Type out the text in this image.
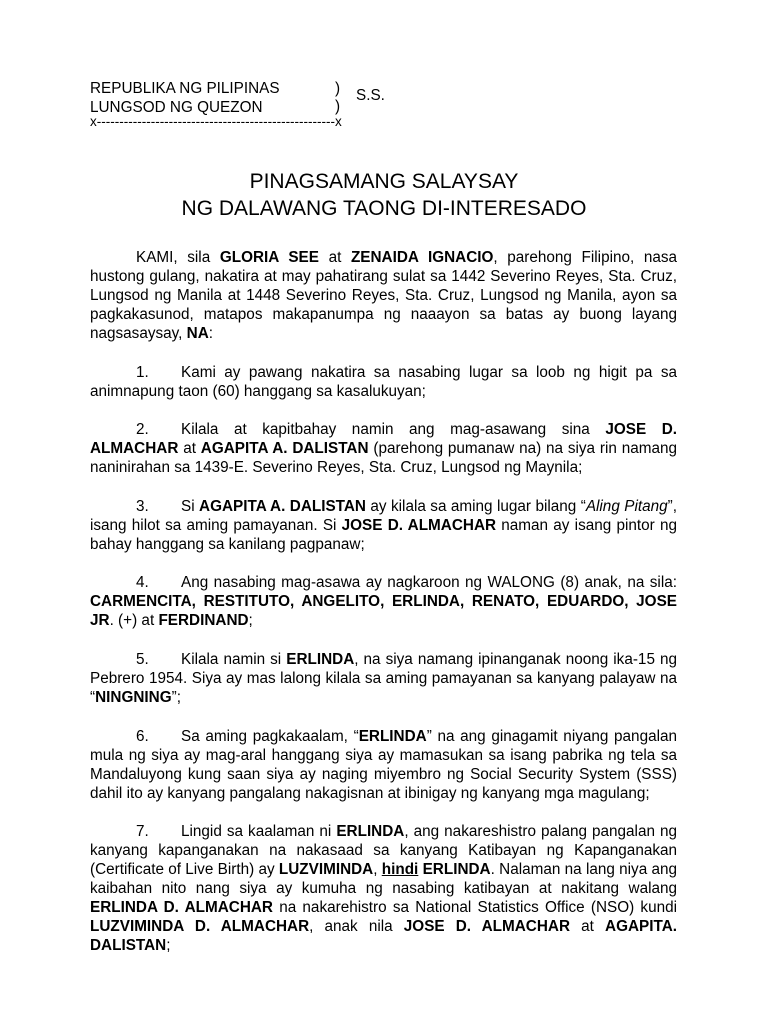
REPUBLIKA NG PILIPINAS
LUNGSOD NG QUEZON
)
)
S.S.
x-----------------------------------------------------x
PINAGSAMANG SALAYSAY
NG DALAWANG TAONG DI-INTERESADO

KAMI, sila GLORIA SEE at ZENAIDA IGNACIO, parehong Filipino, nasa hustong gulang, nakatira at may pahatirang sulat sa 1442 Severino Reyes, Sta. Cruz, Lungsod ng Manila at 1448 Severino Reyes, Sta. Cruz, Lungsod ng Manila, ayon sa pagkakasunod, matapos makapanumpa ng naaayon sa batas ay buong layang nagsasaysay, NA:

1. Kami ay pawang nakatira sa nasabing lugar sa loob ng higit pa sa animnapung taon (60) hanggang sa kasalukuyan;

2. Kilala at kapitbahay namin ang mag-asawang sina JOSE D. ALMACHAR at AGAPITA A. DALISTAN (parehong pumanaw na) na siya rin namang naninirahan sa 1439-E. Severino Reyes, Sta. Cruz, Lungsod ng Maynila;

3. Si AGAPITA A. DALISTAN ay kilala sa aming lugar bilang “Aling Pitang”, isang hilot sa aming pamayanan. Si JOSE D. ALMACHAR naman ay isang pintor ng bahay hanggang sa kanilang pagpanaw;

4. Ang nasabing mag-asawa ay nagkaroon ng WALONG (8) anak, na sila: CARMENCITA, RESTITUTO, ANGELITO, ERLINDA, RENATO, EDUARDO, JOSE JR. (+) at FERDINAND;

5. Kilala namin si ERLINDA, na siya namang ipinanganak noong ika-15 ng Pebrero 1954. Siya ay mas lalong kilala sa aming pamayanan sa kanyang palayaw na “NINGNING”;

6. Sa aming pagkakaalam, “ERLINDA” na ang ginagamit niyang pangalan mula ng siya ay mag-aral hanggang siya ay mamasukan sa isang pabrika ng tela sa Mandaluyong kung saan siya ay naging miyembro ng Social Security System (SSS) dahil ito ay kanyang pangalang nakagisnan at ibinigay ng kanyang mga magulang;

7. Lingid sa kaalaman ni ERLINDA, ang nakareshistro palang pangalan ng kanyang kapanganakan na nakasaad sa kanyang Katibayan ng Kapanganakan (Certificate of Live Birth) ay LUZVIMINDA, hindi ERLINDA. Nalaman na lang niya ang kaibahan nito nang siya ay kumuha ng nasabing katibayan at nakitang walang ERLINDA D. ALMACHAR na nakarehistro sa National Statistics Office (NSO) kundi LUZVIMINDA D. ALMACHAR, anak nila JOSE D. ALMACHAR at AGAPITA. DALISTAN;
